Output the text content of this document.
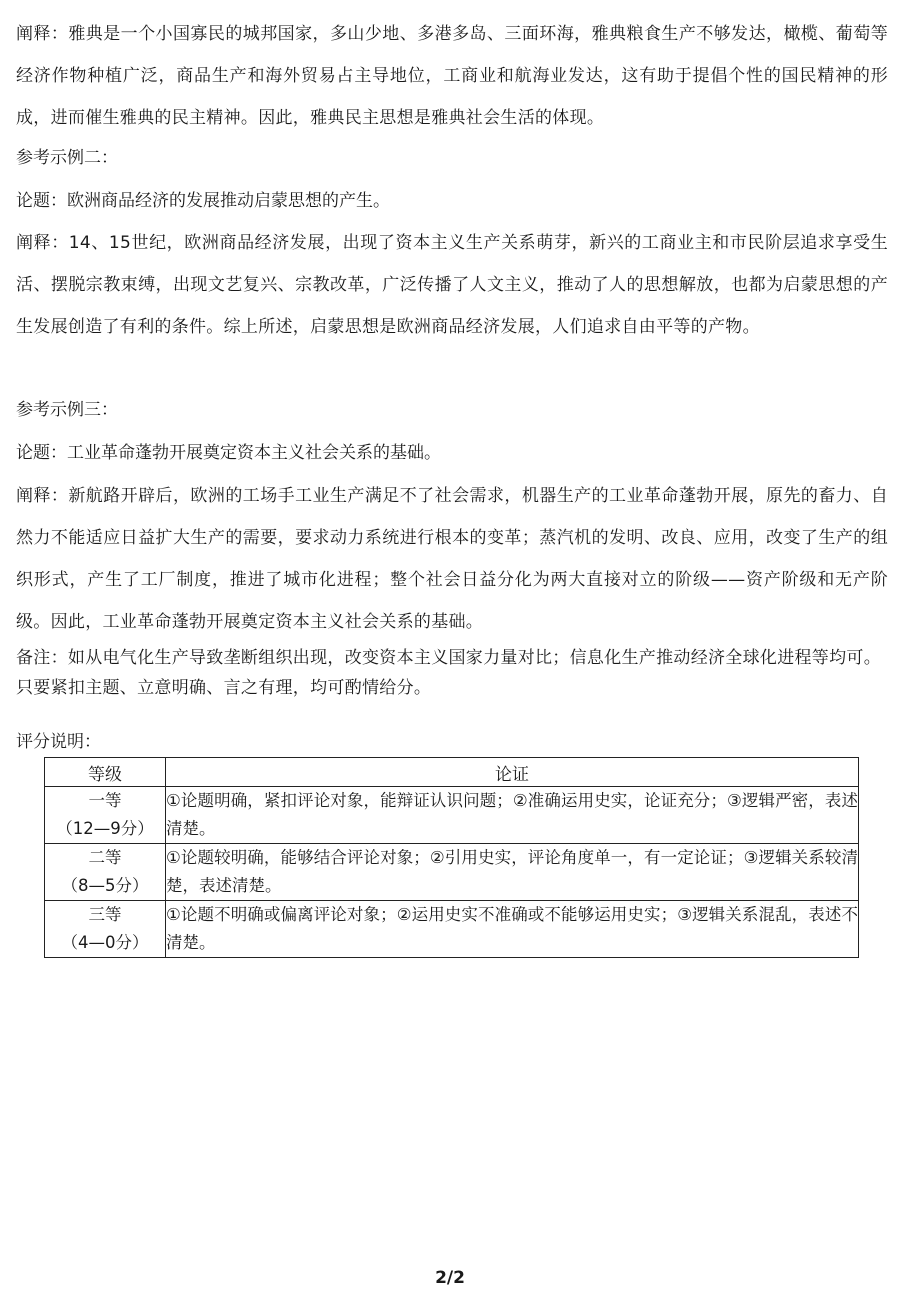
阐释：雅典是一个小国寡民的城邦国家，多山少地、多港多岛、三面环海，雅典粮食生产不够发达，橄榄、葡萄等经济作物种植广泛，商品生产和海外贸易占主导地位，工商业和航海业发达，这有助于提倡个性的国民精神的形成，进而催生雅典的民主精神。因此，雅典民主思想是雅典社会生活的体现。
参考示例二：
论题：欧洲商品经济的发展推动启蒙思想的产生。
阐释：14、15世纪，欧洲商品经济发展，出现了资本主义生产关系萌芽，新兴的工商业主和市民阶层追求享受生活、摆脱宗教束缚，出现文艺复兴、宗教改革，广泛传播了人文主义，推动了人的思想解放，也都为启蒙思想的产生发展创造了有利的条件。综上所述，启蒙思想是欧洲商品经济发展，人们追求自由平等的产物。
参考示例三：
论题：工业革命蓬勃开展奠定资本主义社会关系的基础。
阐释：新航路开辟后，欧洲的工场手工业生产满足不了社会需求，机器生产的工业革命蓬勃开展，原先的畜力、自然力不能适应日益扩大生产的需要，要求动力系统进行根本的变革；蒸汽机的发明、改良、应用，改变了生产的组织形式，产生了工厂制度，推进了城市化进程；整个社会日益分化为两大直接对立的阶级——资产阶级和无产阶级。因此，工业革命蓬勃开展奠定资本主义社会关系的基础。
备注：如从电气化生产导致垄断组织出现，改变资本主义国家力量对比；信息化生产推动经济全球化进程等均可。只要紧扣主题、立意明确、言之有理，均可酌情给分。
评分说明：
等级	论证

一等
（12—9分）	①论题明确，紧扣评论对象，能辩证认识问题；②准确运用史实，论证充分；③逻辑严密，表述清楚。

二等
（8—5分）	①论题较明确，能够结合评论对象；②引用史实，评论角度单一，有一定论证；③逻辑关系较清楚，表述清楚。

三等
（4—0分）	①论题不明确或偏离评论对象；②运用史实不准确或不能够运用史实；③逻辑关系混乱，表述不清楚。
2/2
